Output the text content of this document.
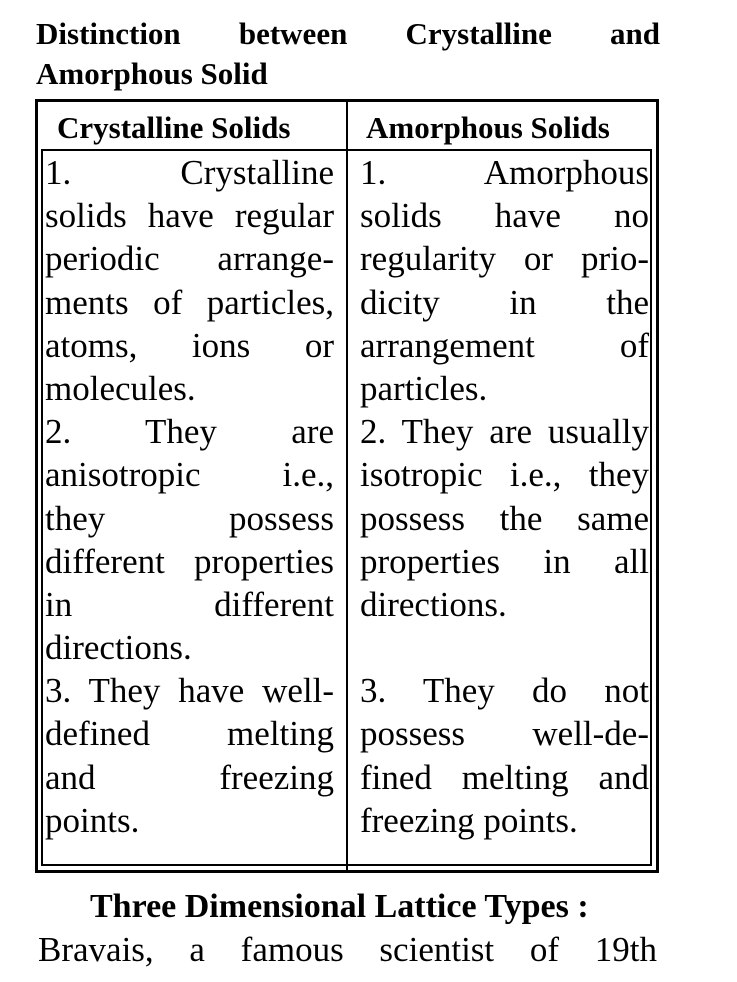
Distinction between Crystalline and
Amorphous Solid
Crystalline Solids Amorphous Solids
1. Crystalline
solids have regular
periodic arrange-
ments of particles,
atoms, ions or
molecules.
2. They are
anisotropic i.e.,
they possess
different properties
in different
directions.
3. They have well-
defined melting
and freezing
points.
1. Amorphous
solids have no
regularity or prio-
dicity in the
arrangement of
particles.
2. They are usually
isotropic i.e., they
possess the same
properties in all
directions.
3. They do not
possess well-de-
fined melting and
freezing points.
Three Dimensional Lattice Types :
Bravais, a famous scientist of 19th
